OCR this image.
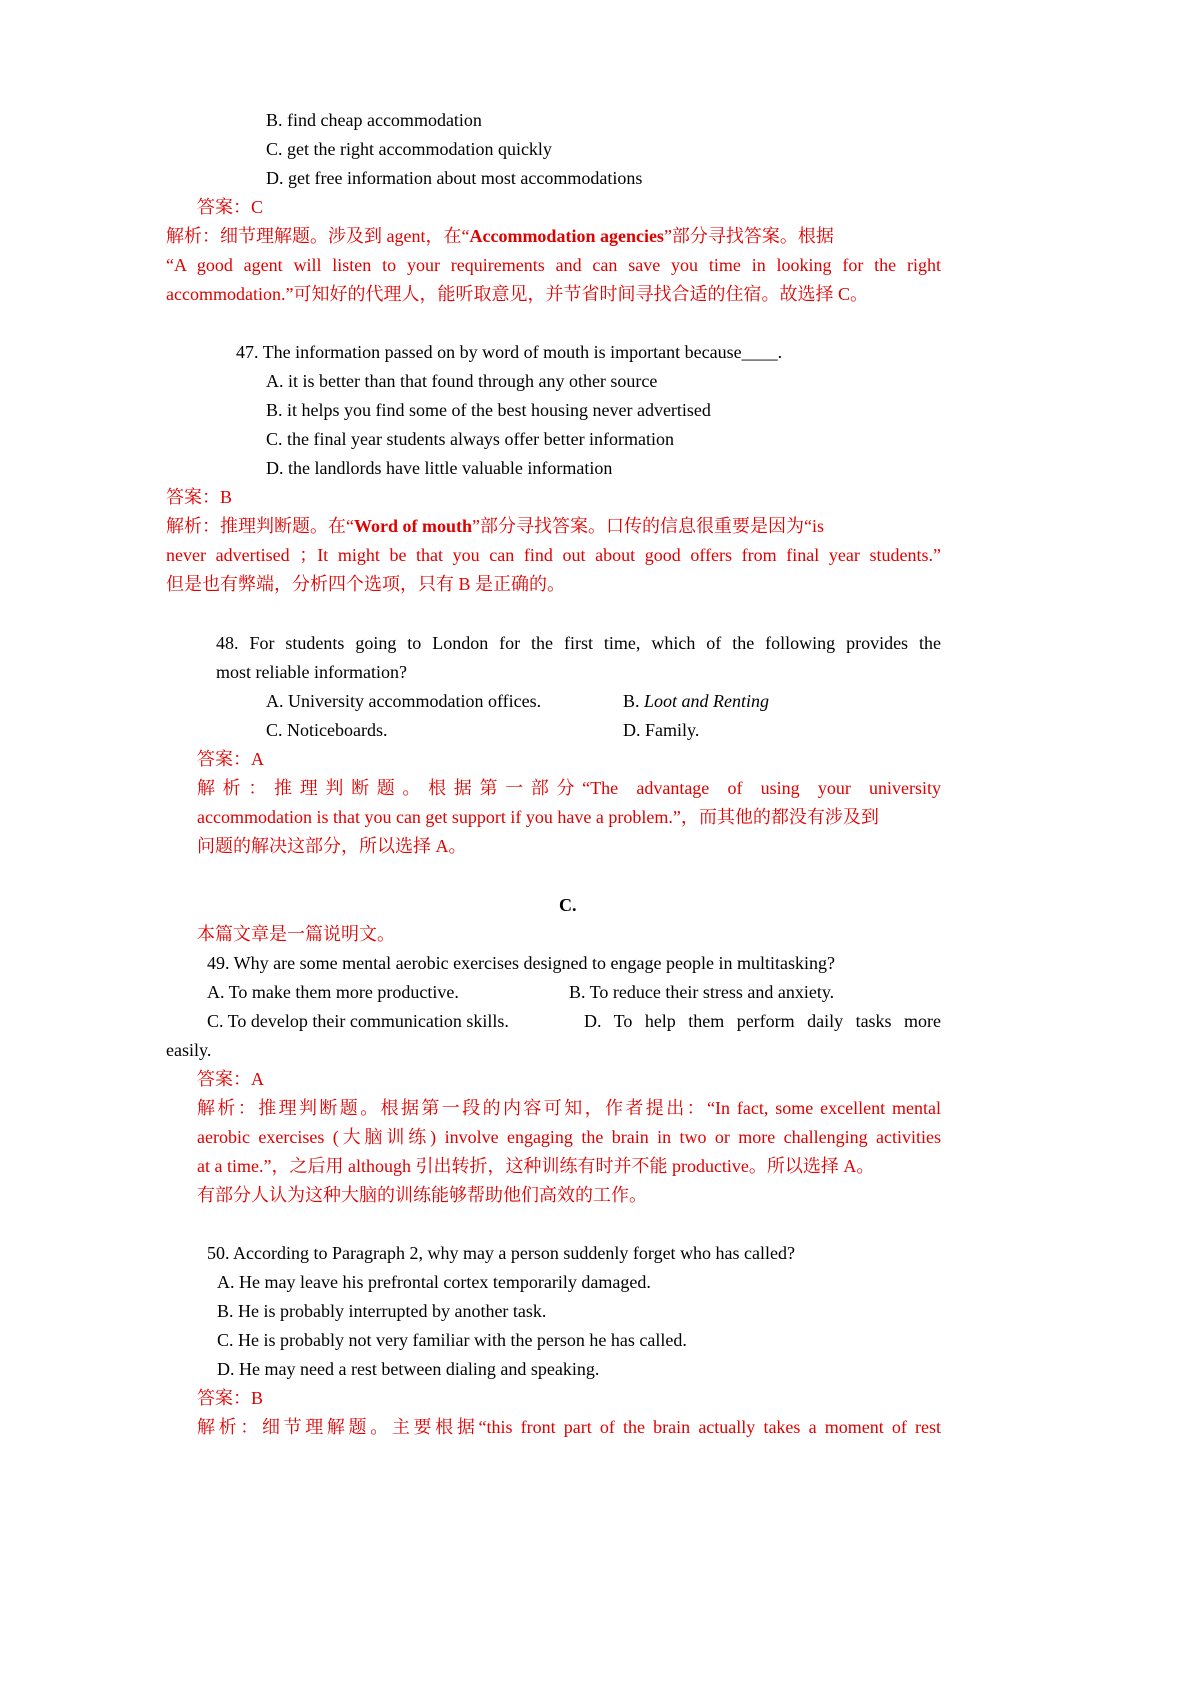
B. find cheap accommodation
C. get the right accommodation quickly
D. get free information about most accommodations
答案：C
解析：细节理解题。涉及到 agent，在“Accommodation agencies”部分寻找答案。根据
“A good agent will listen to your requirements and can save you time in looking for the right
accommodation.”可知好的代理人，能听取意见，并节省时间寻找合适的住宿。故选择 C。
47. The information passed on by word of mouth is important because____.
A. it is better than that found through any other source
B. it helps you find some of the best housing never advertised
C. the final year students always offer better information
D. the landlords have little valuable information
答案：B
解析：推理判断题。在“Word of mouth”部分寻找答案。口传的信息很重要是因为“is
never advertised ；It might be that you can find out about good offers from final year students.”
但是也有弊端，分析四个选项，只有 B 是正确的。
48. For students going to London for the first time, which of the following provides the
most reliable information?
A. University accommodation offices.	B. Loot and Renting
C. Noticeboards.	D. Family.
答案：A
解析：推理判断题。根据第一部分“The advantage of using your university
accommodation is that you can get support if you have a problem.”，而其他的都没有涉及到
问题的解决这部分，所以选择 A。
C.
本篇文章是一篇说明文。
49. Why are some mental aerobic exercises designed to engage people in multitasking?
A. To make them more productive.	B. To reduce their stress and anxiety.
C. To develop their communication skills.	D. To help them perform daily tasks more
easily.
答案：A
解析：推理判断题。根据第一段的内容可知，作者提出：“In fact, some excellent mental
aerobic exercises (大脑训练) involve engaging the brain in two or more challenging activities
at a time.”，之后用 although 引出转折，这种训练有时并不能 productive。所以选择 A。
有部分人认为这种大脑的训练能够帮助他们高效的工作。
50. According to Paragraph 2, why may a person suddenly forget who has called?
A. He may leave his prefrontal cortex temporarily damaged.
B. He is probably interrupted by another task.
C. He is probably not very familiar with the person he has called.
D. He may need a rest between dialing and speaking.
答案：B
解析：细节理解题。主要根据“this front part of the brain actually takes a moment of rest
